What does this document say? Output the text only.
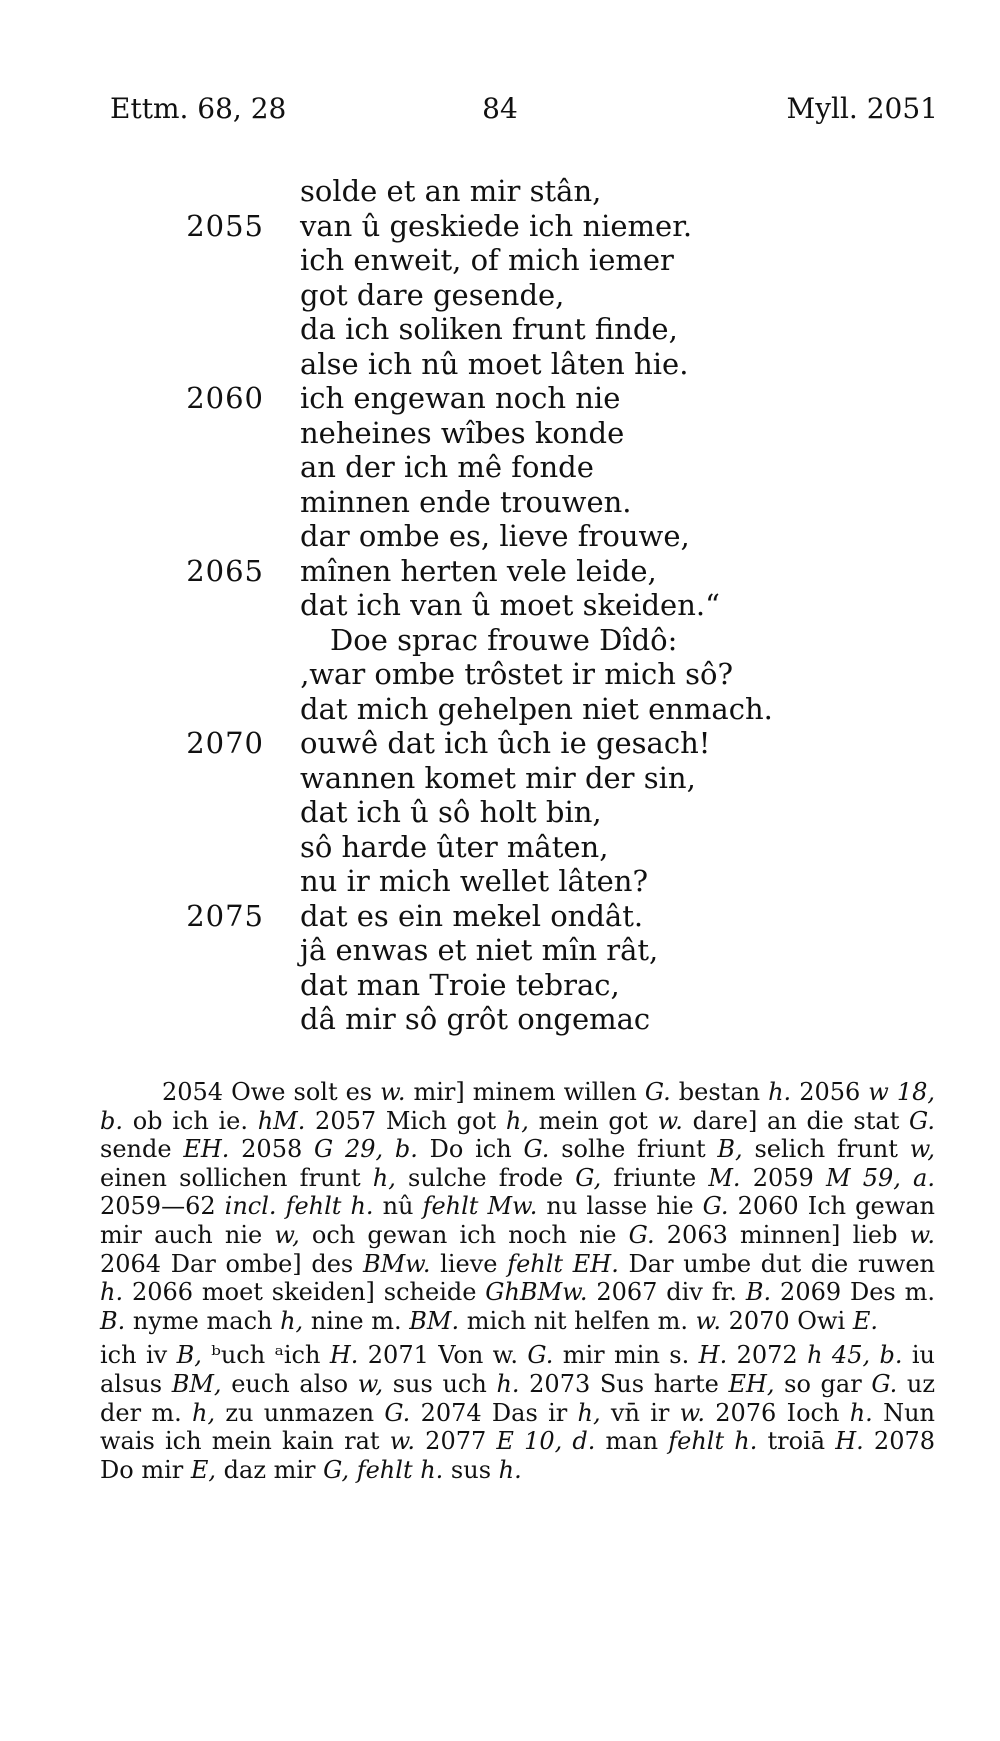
Ettm. 68, 28	84	Myll. 2051
solde et an mir stân,
2055 van û geskiede ich niemer.
ich enweit, of mich iemer
got dare gesende,
da ich soliken frunt finde,
alse ich nû moet lâten hie.
2060 ich engewan noch nie
neheines wîbes konde
an der ich mê fonde
minnen ende trouwen.
dar ombe es, lieve frouwe,
2065 mînen herten vele leide,
dat ich van û moet skeiden.“
Doe sprac frouwe Dîdô:
‚war ombe trôstet ir mich sô?
dat mich gehelpen niet enmach.
2070 ouwê dat ich ûch ie gesach!
wannen komet mir der sin,
dat ich û sô holt bin,
sô harde ûter mâten,
nu ir mich wellet lâten?
2075 dat es ein mekel ondât.
jâ enwas et niet mîn rât,
dat man Troie tebrac,
dâ mir sô grôt ongemac

2054 Owe solt es w. mir] minem willen G. bestan h. 2056 w 18, b. ob ich ie. hM. 2057 Mich got h, mein got w. dare] an die stat G. sende EH. 2058 G 29, b. Do ich G. solhe friunt B, selich frunt w, einen sollichen frunt h, sulche frode G, friunte M. 2059 M 59, a. 2059—62 incl. fehlt h. nû fehlt Mw. nu lasse hie G. 2060 Ich gewan mir auch nie w, och gewan ich noch nie G. 2063 minnen] lieb w. 2064 Dar ombe] des BMw. lieve fehlt EH. Dar umbe dut die ruwen h. 2066 moet skeiden] scheide GhBMw. 2067 div fr. B. 2069 Des m. B. nyme mach h, nine m. BM. mich nit helfen m. w. 2070 Owi E.

ich iv B, ᵇuch ᵃich H. 2071 Von w. G. mir min s. H. 2072 h 45, b. iu alsus BM, euch also w, sus uch h. 2073 Sus harte EH, so gar G. uz der m. h, zu unmazen G. 2074 Das ir h, vn̄ ir w. 2076 Ioch h. Nun wais ich mein kain rat w. 2077 E 10, d. man fehlt h. troiā H. 2078 Do mir E, daz mir G, fehlt h. sus h.
